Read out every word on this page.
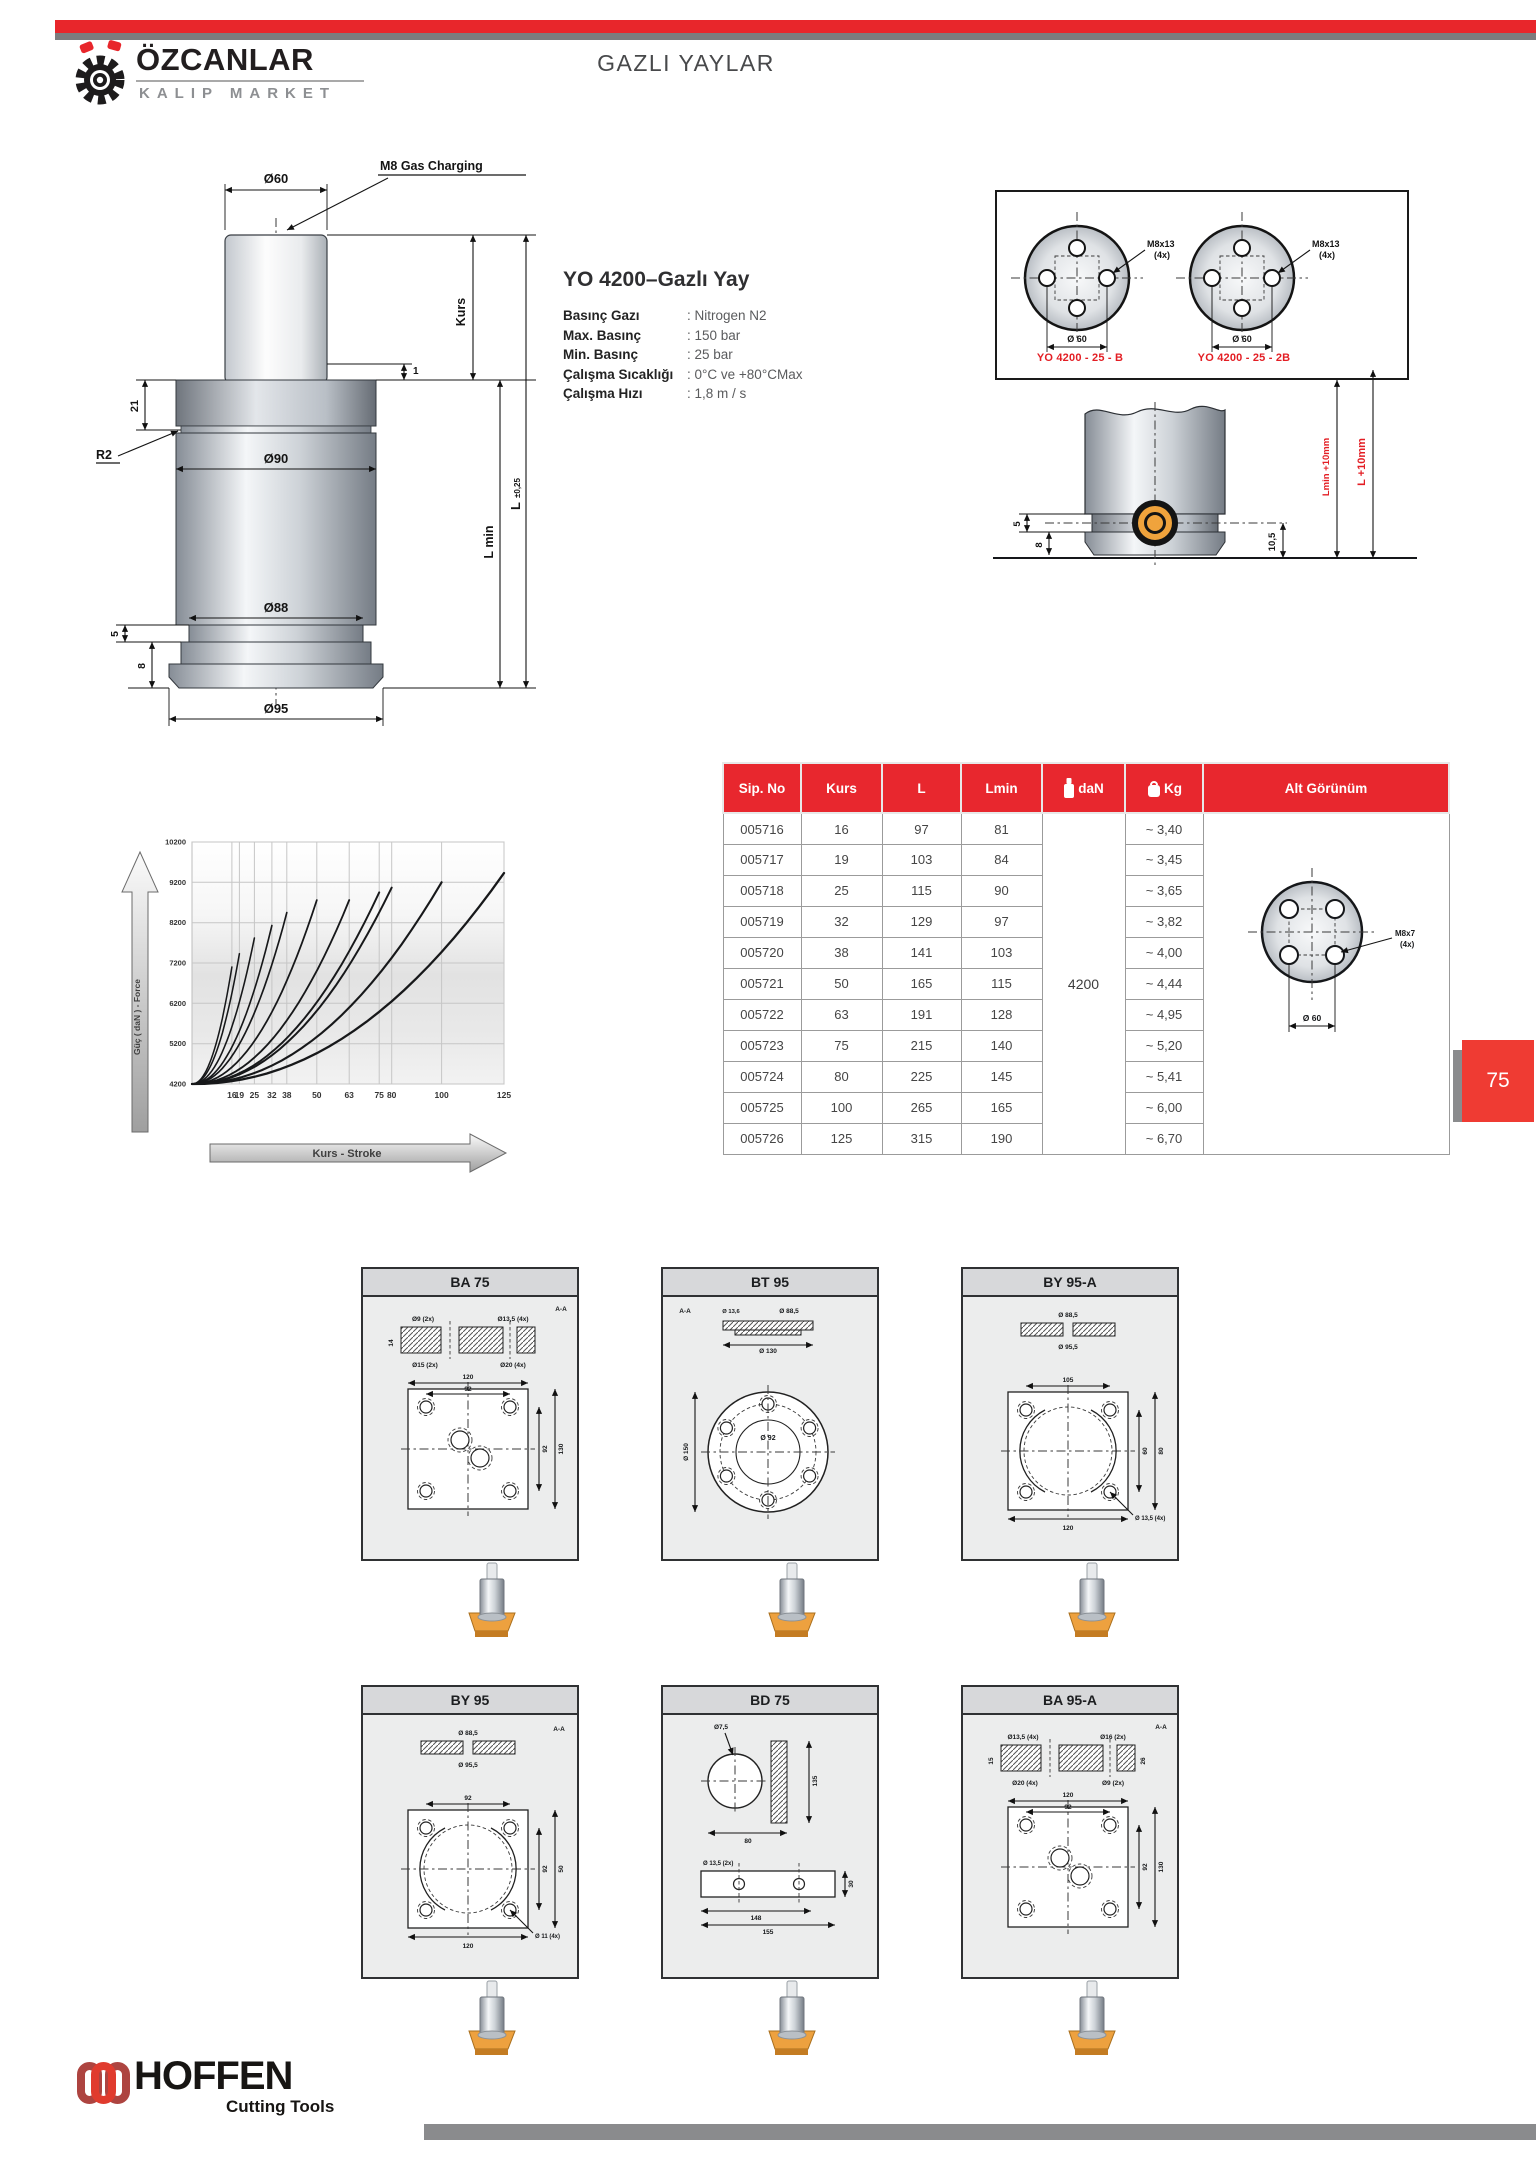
ÖZCANLAR
KALIP MARKET
GAZLI YAYLAR
Ø60
M8 Gas Charging
Kurs
1
21
R2	Ø90
Ø88
5
8
Ø95
L min
L
±0,25
YO 4200–Gazlı Yay
Basınç Gazı	: Nitrogen N2
Max. Basınç	: 150 bar
Min. Basınç	: 25 bar
Çalışma Sıcaklığı	: 0°C ve +80°CMax
Çalışma Hızı	: 1,8 m / s
M8x13
(4x)
Ø 60
M8x13
(4x)
Ø 60
YO 4200 - 25 - B	YO 4200 - 25 - 2B
5
8	10,5
Lmin +10mm L +10mm
Sip. No	Kurs	L	Lmin	daN	Kg	Alt Görünüm
005716	16	97	81	4200	~ 3,40	M8x7
(4x)
Ø 60

005717	19	103	84		~ 3,45	
005718	25	115	90		~ 3,65	
005719	32	129	97		~ 3,82	
005720	38	141	103		~ 4,00	
005721	50	165	115		~ 4,44	
005722	63	191	128		~ 4,95	
005723	75	215	140		~ 5,20	
005724	80	225	145		~ 5,41	
005725	100	265	165		~ 6,00	
005726	125	315	190		~ 6,70	
4200
5200
6200
7200
8200
9200
10200
16
19 25 32 38 50	63 75 80	100	125
Güç ( daN ) - Force
Kurs - Stroke
75
BA 75
A-A
Ø9 (2x)	Ø13,5 (4x)
14
Ø15 (2x)	Ø20 (4x)
120
92
92 130
BT 95
A-A	Ø 88,5
Ø 13,6
Ø 130
Ø 92
Ø 150
BY 95-A
Ø 88,5
Ø 95,5
105
120
Ø 13,5 (4x)
60 80
BY 95
Ø 88,5
Ø 95,5
A-A
92
120
Ø 11 (4x)
92 50
BD 75
Ø7,5
135
80
Ø 13,5 (2x)
148
155
30
BA 95-A
A-A
Ø13,5 (4x)	Ø16 (2x)
15	26
Ø20 (4x)	Ø9 (2x)
120
92
92 130
HOFFEN
Cutting Tools
